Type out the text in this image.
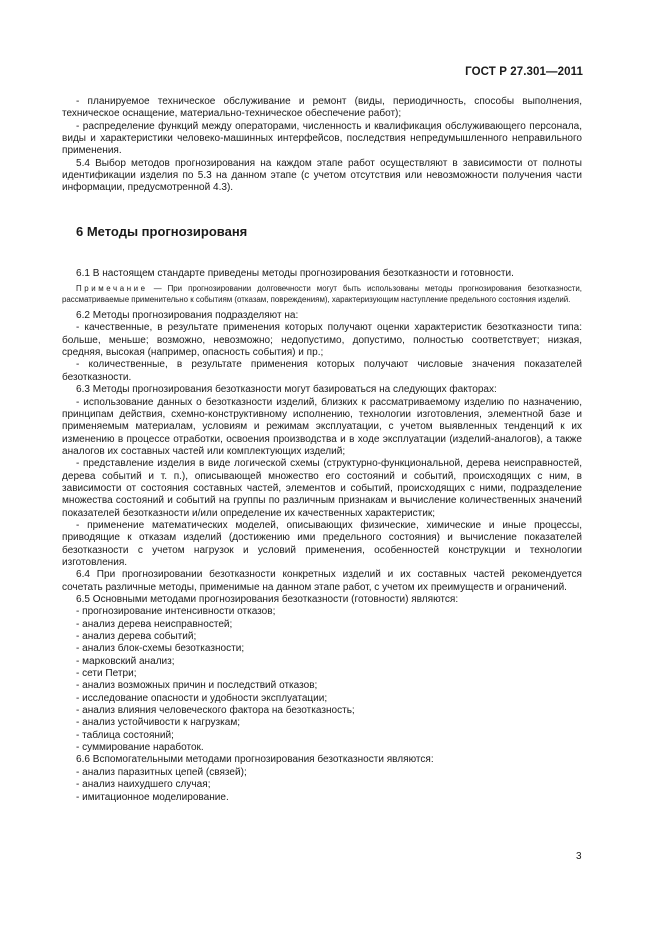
ГОСТ Р 27.301—2011

- планируемое техническое обслуживание и ремонт (виды, периодичность, способы выполнения, техническое оснащение, материально-техническое обеспечение работ);

- распределение функций между операторами, численность и квалификация обслуживающего персонала, виды и характеристики человеко-машинных интерфейсов, последствия непредумышленного неправильного применения.

5.4 Выбор методов прогнозирования на каждом этапе работ осуществляют в зависимости от полноты идентификации изделия по 5.3 на данном этапе (с учетом отсутствия или невозможности получения части информации, предусмотренной 4.3).

6 Методы прогнозированя

6.1 В настоящем стандарте приведены методы прогнозирования безотказности и готовности.

Примечание — При прогнозировании долговечности могут быть использованы методы прогнозирования безотказности, рассматриваемые применительно к событиям (отказам, повреждениям), характеризующим наступление предельного состояния изделий.

6.2 Методы прогнозирования подразделяют на:

- качественные, в результате применения которых получают оценки характеристик безотказности типа: больше, меньше; возможно, невозможно; недопустимо, допустимо, полностью соответствует; низкая, средняя, высокая (например, опасность события) и пр.;

- количественные, в результате применения которых получают числовые значения показателей безотказности.

6.3 Методы прогнозирования безотказности могут базироваться на следующих факторах:

- использование данных о безотказности изделий, близких к рассматриваемому изделию по назначению, принципам действия, схемно-конструктивному исполнению, технологии изготовления, элементной базе и применяемым материалам, условиям и режимам эксплуатации, с учетом выявленных тенденций к их изменению в процессе отработки, освоения производства и в ходе эксплуатации (изделий-аналогов), а также аналогов их составных частей или комплектующих изделий;

- представление изделия в виде логической схемы (структурно-функциональной, дерева неисправностей, дерева событий и т. п.), описывающей множество его состояний и событий, происходящих с ним, в зависимости от состояния составных частей, элементов и событий, происходящих с ними, подразделение множества состояний и событий на группы по различным признакам и вычисление количественных значений показателей безотказности и/или определение их качественных характеристик;

- применение математических моделей, описывающих физические, химические и иные процессы, приводящие к отказам изделий (достижению ими предельного состояния) и вычисление показателей безотказности с учетом нагрузок и условий применения, особенностей конструкции и технологии изготовления.

6.4 При прогнозировании безотказности конкретных изделий и их составных частей рекомендуется сочетать различные методы, применимые на данном этапе работ, с учетом их преимуществ и ограничений.

6.5 Основными методами прогнозирования безотказности (готовности) являются:

- прогнозирование интенсивности отказов;

- анализ дерева неисправностей;

- анализ дерева событий;

- анализ блок-схемы безотказности;

- марковский анализ;

- сети Петри;

- анализ возможных причин и последствий отказов;

- исследование опасности и удобности эксплуатации;

- анализ влияния человеческого фактора на безотказность;

- анализ устойчивости к нагрузкам;

- таблица состояний;

- суммирование наработок.

6.6 Вспомогательными методами прогнозирования безотказности являются:

- анализ паразитных цепей (связей);

- анализ наихудшего случая;

- имитационное моделирование.

3
